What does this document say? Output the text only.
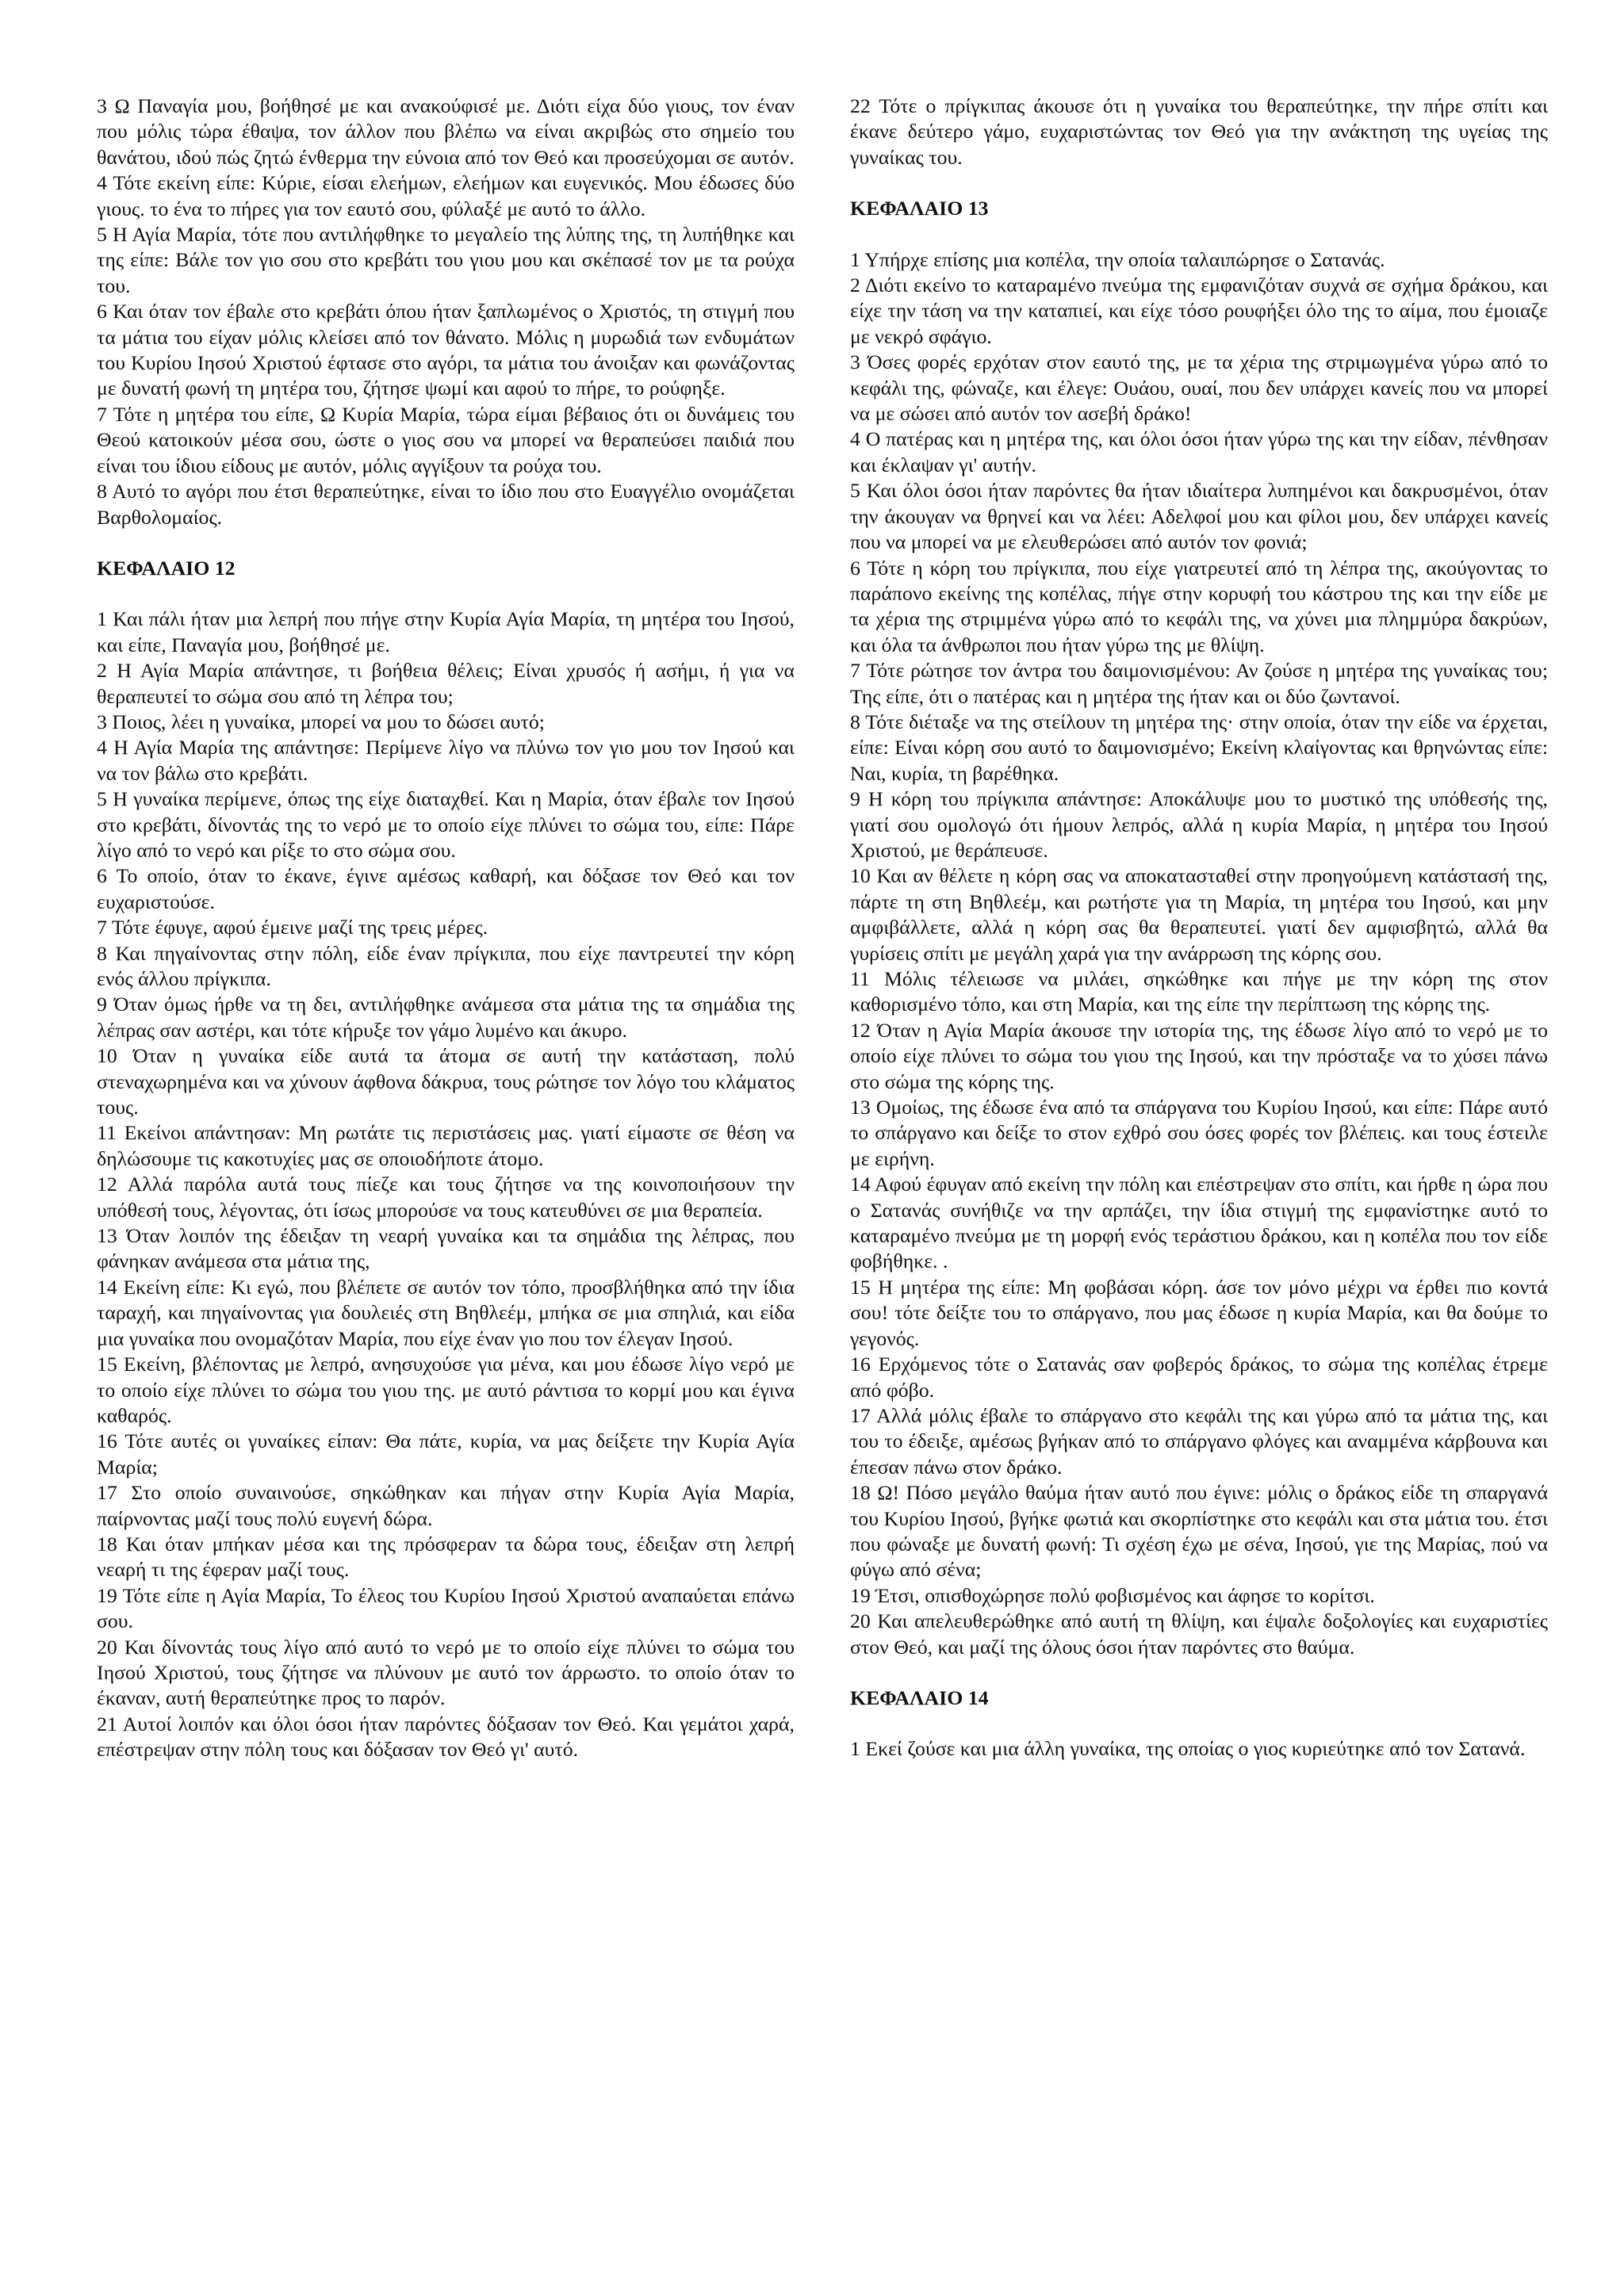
3 Ω Παναγία μου, βοήθησέ με και ανακούφισέ με. Διότι είχα δύο γιους, τον έναν που μόλις τώρα έθαψα, τον άλλον που βλέπω να είναι ακριβώς στο σημείο του θανάτου, ιδού πώς ζητώ ένθερμα την εύνοια από τον Θεό και προσεύχομαι σε αυτόν.

4 Τότε εκείνη είπε: Κύριε, είσαι ελεήμων, ελεήμων και ευγενικός. Μου έδωσες δύο γιους. το ένα το πήρες για τον εαυτό σου, φύλαξέ με αυτό το άλλο.

5 Η Αγία Μαρία, τότε που αντιλήφθηκε το μεγαλείο της λύπης της, τη λυπήθηκε και της είπε: Βάλε τον γιο σου στο κρεβάτι του γιου μου και σκέπασέ τον με τα ρούχα του.

6 Και όταν τον έβαλε στο κρεβάτι όπου ήταν ξαπλωμένος ο Χριστός, τη στιγμή που τα μάτια του είχαν μόλις κλείσει από τον θάνατο. Μόλις η μυρωδιά των ενδυμάτων του Κυρίου Ιησού Χριστού έφτασε στο αγόρι, τα μάτια του άνοιξαν και φωνάζοντας με δυνατή φωνή τη μητέρα του, ζήτησε ψωμί και αφού το πήρε, το ρούφηξε.

7 Τότε η μητέρα του είπε, Ω Κυρία Μαρία, τώρα είμαι βέβαιος ότι οι δυνάμεις του Θεού κατοικούν μέσα σου, ώστε ο γιος σου να μπορεί να θεραπεύσει παιδιά που είναι του ίδιου είδους με αυτόν, μόλις αγγίξουν τα ρούχα του.

8 Αυτό το αγόρι που έτσι θεραπεύτηκε, είναι το ίδιο που στο Ευαγγέλιο ονομάζεται Βαρθολομαίος.

ΚΕΦΑΛΑΙΟ 12

1 Και πάλι ήταν μια λεπρή που πήγε στην Κυρία Αγία Μαρία, τη μητέρα του Ιησού, και είπε, Παναγία μου, βοήθησέ με.

2 Η Αγία Μαρία απάντησε, τι βοήθεια θέλεις; Είναι χρυσός ή ασήμι, ή για να θεραπευτεί το σώμα σου από τη λέπρα του;

3 Ποιος, λέει η γυναίκα, μπορεί να μου το δώσει αυτό;

4 Η Αγία Μαρία της απάντησε: Περίμενε λίγο να πλύνω τον γιο μου τον Ιησού και να τον βάλω στο κρεβάτι.

5 Η γυναίκα περίμενε, όπως της είχε διαταχθεί. Και η Μαρία, όταν έβαλε τον Ιησού στο κρεβάτι, δίνοντάς της το νερό με το οποίο είχε πλύνει το σώμα του, είπε: Πάρε λίγο από το νερό και ρίξε το στο σώμα σου.

6 Το οποίο, όταν το έκανε, έγινε αμέσως καθαρή, και δόξασε τον Θεό και τον ευχαριστούσε.

7 Τότε έφυγε, αφού έμεινε μαζί της τρεις μέρες.

8 Και πηγαίνοντας στην πόλη, είδε έναν πρίγκιπα, που είχε παντρευτεί την κόρη ενός άλλου πρίγκιπα.

9 Όταν όμως ήρθε να τη δει, αντιλήφθηκε ανάμεσα στα μάτια της τα σημάδια της λέπρας σαν αστέρι, και τότε κήρυξε τον γάμο λυμένο και άκυρο.

10 Όταν η γυναίκα είδε αυτά τα άτομα σε αυτή την κατάσταση, πολύ στεναχωρημένα και να χύνουν άφθονα δάκρυα, τους ρώτησε τον λόγο του κλάματος τους.

11 Εκείνοι απάντησαν: Μη ρωτάτε τις περιστάσεις μας. γιατί είμαστε σε θέση να δηλώσουμε τις κακοτυχίες μας σε οποιοδήποτε άτομο.

12 Αλλά παρόλα αυτά τους πίεζε και τους ζήτησε να της κοινοποιήσουν την υπόθεσή τους, λέγοντας, ότι ίσως μπορούσε να τους κατευθύνει σε μια θεραπεία.

13 Όταν λοιπόν της έδειξαν τη νεαρή γυναίκα και τα σημάδια της λέπρας, που φάνηκαν ανάμεσα στα μάτια της,

14 Εκείνη είπε: Κι εγώ, που βλέπετε σε αυτόν τον τόπο, προσβλήθηκα από την ίδια ταραχή, και πηγαίνοντας για δουλειές στη Βηθλεέμ, μπήκα σε μια σπηλιά, και είδα μια γυναίκα που ονομαζόταν Μαρία, που είχε έναν γιο που τον έλεγαν Ιησού.

15 Εκείνη, βλέποντας με λεπρό, ανησυχούσε για μένα, και μου έδωσε λίγο νερό με το οποίο είχε πλύνει το σώμα του γιου της. με αυτό ράντισα το κορμί μου και έγινα καθαρός.

16 Τότε αυτές οι γυναίκες είπαν: Θα πάτε, κυρία, να μας δείξετε την Κυρία Αγία Μαρία;

17 Στο οποίο συναινούσε, σηκώθηκαν και πήγαν στην Κυρία Αγία Μαρία, παίρνοντας μαζί τους πολύ ευγενή δώρα.

18 Και όταν μπήκαν μέσα και της πρόσφεραν τα δώρα τους, έδειξαν στη λεπρή νεαρή τι της έφεραν μαζί τους.

19 Τότε είπε η Αγία Μαρία, Το έλεος του Κυρίου Ιησού Χριστού αναπαύεται επάνω σου.

20 Και δίνοντάς τους λίγο από αυτό το νερό με το οποίο είχε πλύνει το σώμα του Ιησού Χριστού, τους ζήτησε να πλύνουν με αυτό τον άρρωστο. το οποίο όταν το έκαναν, αυτή θεραπεύτηκε προς το παρόν.

21 Αυτοί λοιπόν και όλοι όσοι ήταν παρόντες δόξασαν τον Θεό. Και γεμάτοι χαρά, επέστρεψαν στην πόλη τους και δόξασαν τον Θεό γι' αυτό.

22 Τότε ο πρίγκιπας άκουσε ότι η γυναίκα του θεραπεύτηκε, την πήρε σπίτι και έκανε δεύτερο γάμο, ευχαριστώντας τον Θεό για την ανάκτηση της υγείας της γυναίκας του.

ΚΕΦΑΛΑΙΟ 13

1 Υπήρχε επίσης μια κοπέλα, την οποία ταλαιπώρησε ο Σατανάς.

2 Διότι εκείνο το καταραμένο πνεύμα της εμφανιζόταν συχνά σε σχήμα δράκου, και είχε την τάση να την καταπιεί, και είχε τόσο ρουφήξει όλο της το αίμα, που έμοιαζε με νεκρό σφάγιο.

3 Όσες φορές ερχόταν στον εαυτό της, με τα χέρια της στριμωγμένα γύρω από το κεφάλι της, φώναζε, και έλεγε: Ουάου, ουαί, που δεν υπάρχει κανείς που να μπορεί να με σώσει από αυτόν τον ασεβή δράκο!

4 Ο πατέρας και η μητέρα της, και όλοι όσοι ήταν γύρω της και την είδαν, πένθησαν και έκλαψαν γι' αυτήν.

5 Και όλοι όσοι ήταν παρόντες θα ήταν ιδιαίτερα λυπημένοι και δακρυσμένοι, όταν την άκουγαν να θρηνεί και να λέει: Αδελφοί μου και φίλοι μου, δεν υπάρχει κανείς που να μπορεί να με ελευθερώσει από αυτόν τον φονιά;

6 Τότε η κόρη του πρίγκιπα, που είχε γιατρευτεί από τη λέπρα της, ακούγοντας το παράπονο εκείνης της κοπέλας, πήγε στην κορυφή του κάστρου της και την είδε με τα χέρια της στριμμένα γύρω από το κεφάλι της, να χύνει μια πλημμύρα δακρύων, και όλα τα άνθρωποι που ήταν γύρω της με θλίψη.

7 Τότε ρώτησε τον άντρα του δαιμονισμένου: Αν ζούσε η μητέρα της γυναίκας του; Της είπε, ότι ο πατέρας και η μητέρα της ήταν και οι δύο ζωντανοί.

8 Τότε διέταξε να της στείλουν τη μητέρα της· στην οποία, όταν την είδε να έρχεται, είπε: Είναι κόρη σου αυτό το δαιμονισμένο; Εκείνη κλαίγοντας και θρηνώντας είπε: Ναι, κυρία, τη βαρέθηκα.

9 Η κόρη του πρίγκιπα απάντησε: Αποκάλυψε μου το μυστικό της υπόθεσής της, γιατί σου ομολογώ ότι ήμουν λεπρός, αλλά η κυρία Μαρία, η μητέρα του Ιησού Χριστού, με θεράπευσε.

10 Και αν θέλετε η κόρη σας να αποκατασταθεί στην προηγούμενη κατάστασή της, πάρτε τη στη Βηθλεέμ, και ρωτήστε για τη Μαρία, τη μητέρα του Ιησού, και μην αμφιβάλλετε, αλλά η κόρη σας θα θεραπευτεί. γιατί δεν αμφισβητώ, αλλά θα γυρίσεις σπίτι με μεγάλη χαρά για την ανάρρωση της κόρης σου.

11 Μόλις τέλειωσε να μιλάει, σηκώθηκε και πήγε με την κόρη της στον καθορισμένο τόπο, και στη Μαρία, και της είπε την περίπτωση της κόρης της.

12 Όταν η Αγία Μαρία άκουσε την ιστορία της, της έδωσε λίγο από το νερό με το οποίο είχε πλύνει το σώμα του γιου της Ιησού, και την πρόσταξε να το χύσει πάνω στο σώμα της κόρης της.

13 Ομοίως, της έδωσε ένα από τα σπάργανα του Κυρίου Ιησού, και είπε: Πάρε αυτό το σπάργανο και δείξε το στον εχθρό σου όσες φορές τον βλέπεις. και τους έστειλε με ειρήνη.

14 Αφού έφυγαν από εκείνη την πόλη και επέστρεψαν στο σπίτι, και ήρθε η ώρα που ο Σατανάς συνήθιζε να την αρπάζει, την ίδια στιγμή της εμφανίστηκε αυτό το καταραμένο πνεύμα με τη μορφή ενός τεράστιου δράκου, και η κοπέλα που τον είδε φοβήθηκε. .

15 Η μητέρα της είπε: Μη φοβάσαι κόρη. άσε τον μόνο μέχρι να έρθει πιο κοντά σου! τότε δείξτε του το σπάργανο, που μας έδωσε η κυρία Μαρία, και θα δούμε το γεγονός.

16 Ερχόμενος τότε ο Σατανάς σαν φοβερός δράκος, το σώμα της κοπέλας έτρεμε από φόβο.

17 Αλλά μόλις έβαλε το σπάργανο στο κεφάλι της και γύρω από τα μάτια της, και του το έδειξε, αμέσως βγήκαν από το σπάργανο φλόγες και αναμμένα κάρβουνα και έπεσαν πάνω στον δράκο.

18 Ω! Πόσο μεγάλο θαύμα ήταν αυτό που έγινε: μόλις ο δράκος είδε τη σπαργανά του Κυρίου Ιησού, βγήκε φωτιά και σκορπίστηκε στο κεφάλι και στα μάτια του. έτσι που φώναξε με δυνατή φωνή: Τι σχέση έχω με σένα, Ιησού, γιε της Μαρίας, πού να φύγω από σένα;

19 Έτσι, οπισθοχώρησε πολύ φοβισμένος και άφησε το κορίτσι.

20 Και απελευθερώθηκε από αυτή τη θλίψη, και έψαλε δοξολογίες και ευχαριστίες στον Θεό, και μαζί της όλους όσοι ήταν παρόντες στο θαύμα.

ΚΕΦΑΛΑΙΟ 14

1 Εκεί ζούσε και μια άλλη γυναίκα, της οποίας ο γιος κυριεύτηκε από τον Σατανά.
